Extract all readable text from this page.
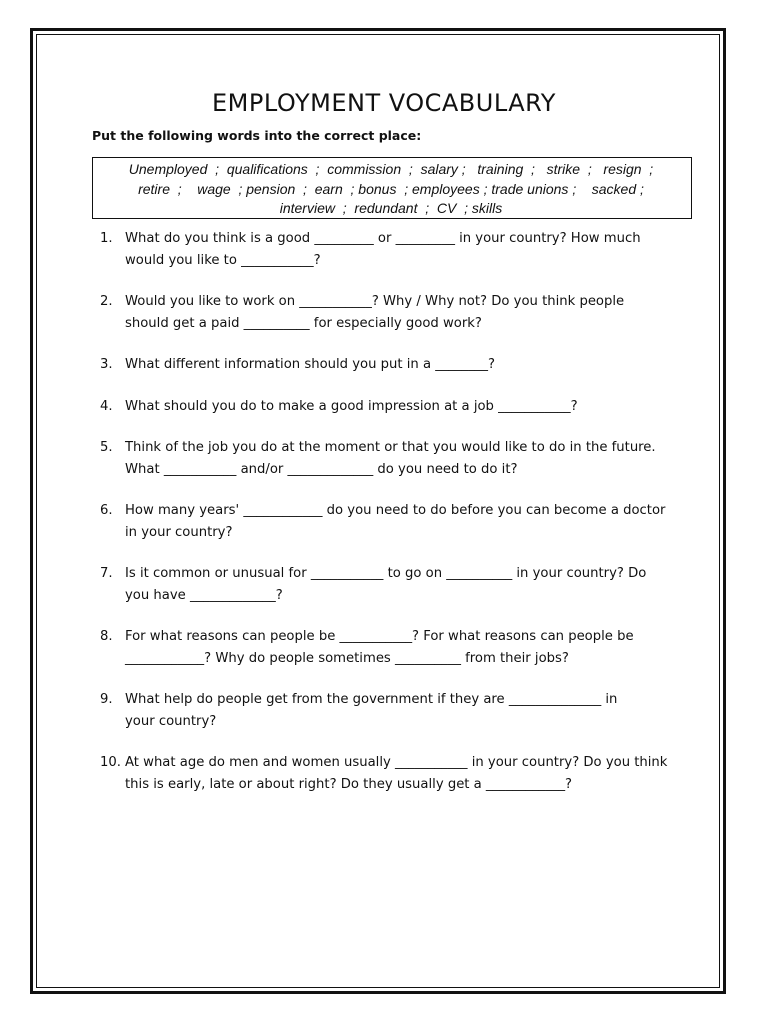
EMPLOYMENT VOCABULARY
Put the following words into the correct place:
Unemployed  ;  qualifications  ;  commission  ;  salary ;   training  ;   strike  ;   resign  ;
retire  ;    wage  ; pension  ;  earn  ; bonus  ; employees ; trade unions ;    sacked ;
interview  ;  redundant  ;  CV  ; skills
1. What do you think is a good _________ or _________ in your country? How much
would you like to ___________?
2. Would you like to work on ___________? Why / Why not? Do you think people
should get a paid __________ for especially good work?
3. What different information should you put in a ________?
4. What should you do to make a good impression at a job ___________?
5. Think of the job you do at the moment or that you would like to do in the future.
What ___________ and/or _____________ do you need to do it?
6. How many years' ____________ do you need to do before you can become a doctor
in your country?
7. Is it common or unusual for ___________ to go on __________ in your country? Do
you have _____________?
8. For what reasons can people be ___________? For what reasons can people be
____________? Why do people sometimes __________ from their jobs?
9. What help do people get from the government if they are ______________ in
your country?
10. At what age do men and women usually ___________ in your country? Do you think
this is early, late or about right? Do they usually get a ____________?
